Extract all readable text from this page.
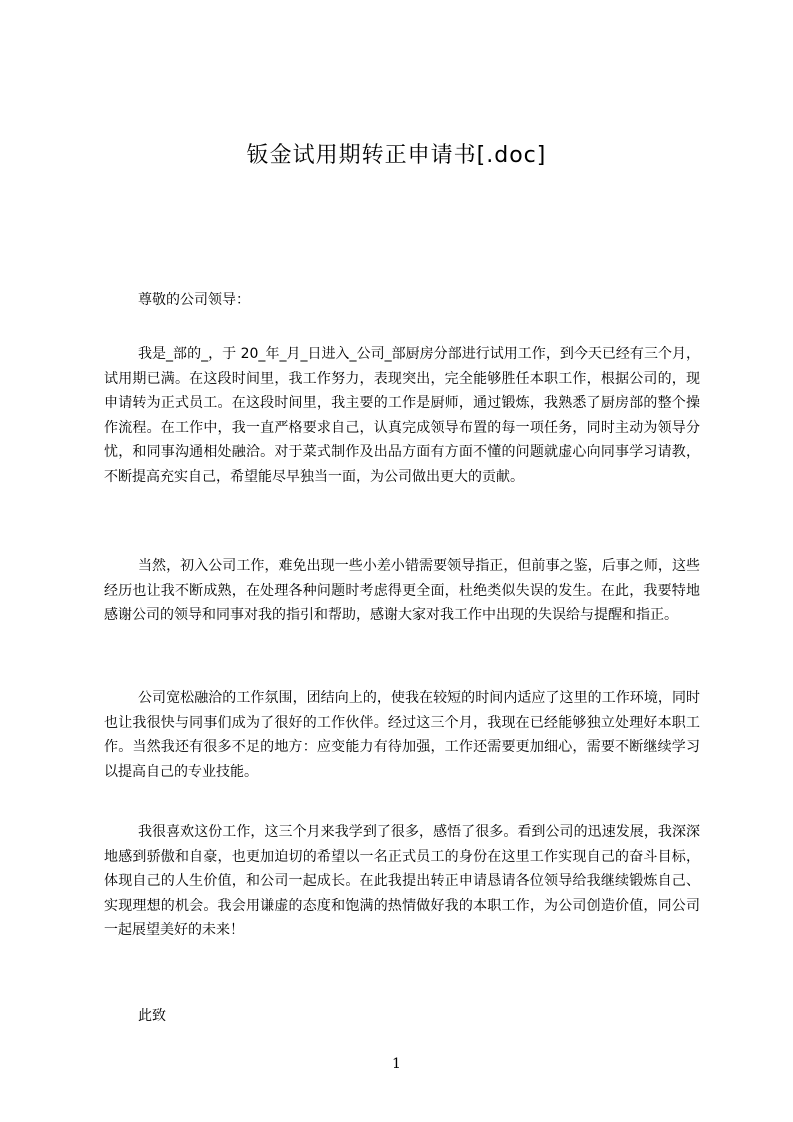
钣金试用期转正申请书[.doc]
尊敬的公司领导：

我是_部的_，于 20_年_月_日进入_公司_部厨房分部进行试用工作，到今天已经有三个月，试用期已满。在这段时间里，我工作努力，表现突出，完全能够胜任本职工作，根据公司的，现申请转为正式员工。在这段时间里，我主要的工作是厨师，通过锻炼，我熟悉了厨房部的整个操作流程。在工作中，我一直严格要求自己，认真完成领导布置的每一项任务，同时主动为领导分忧，和同事沟通相处融洽。对于菜式制作及出品方面有方面不懂的问题就虚心向同事学习请教，不断提高充实自己，希望能尽早独当一面，为公司做出更大的贡献。

当然，初入公司工作，难免出现一些小差小错需要领导指正，但前事之鉴，后事之师，这些经历也让我不断成熟，在处理各种问题时考虑得更全面，杜绝类似失误的发生。在此，我要特地感谢公司的领导和同事对我的指引和帮助，感谢大家对我工作中出现的失误给与提醒和指正。

公司宽松融洽的工作氛围，团结向上的，使我在较短的时间内适应了这里的工作环境，同时也让我很快与同事们成为了很好的工作伙伴。经过这三个月，我现在已经能够独立处理好本职工作。当然我还有很多不足的地方：应变能力有待加强，工作还需要更加细心，需要不断继续学习以提高自己的专业技能。

我很喜欢这份工作，这三个月来我学到了很多，感悟了很多。看到公司的迅速发展，我深深地感到骄傲和自豪，也更加迫切的希望以一名正式员工的身份在这里工作实现自己的奋斗目标，体现自己的人生价值，和公司一起成长。在此我提出转正申请恳请各位领导给我继续锻炼自己、实现理想的机会。我会用谦虚的态度和饱满的热情做好我的本职工作，为公司创造价值，同公司一起展望美好的未来！

此致
1
